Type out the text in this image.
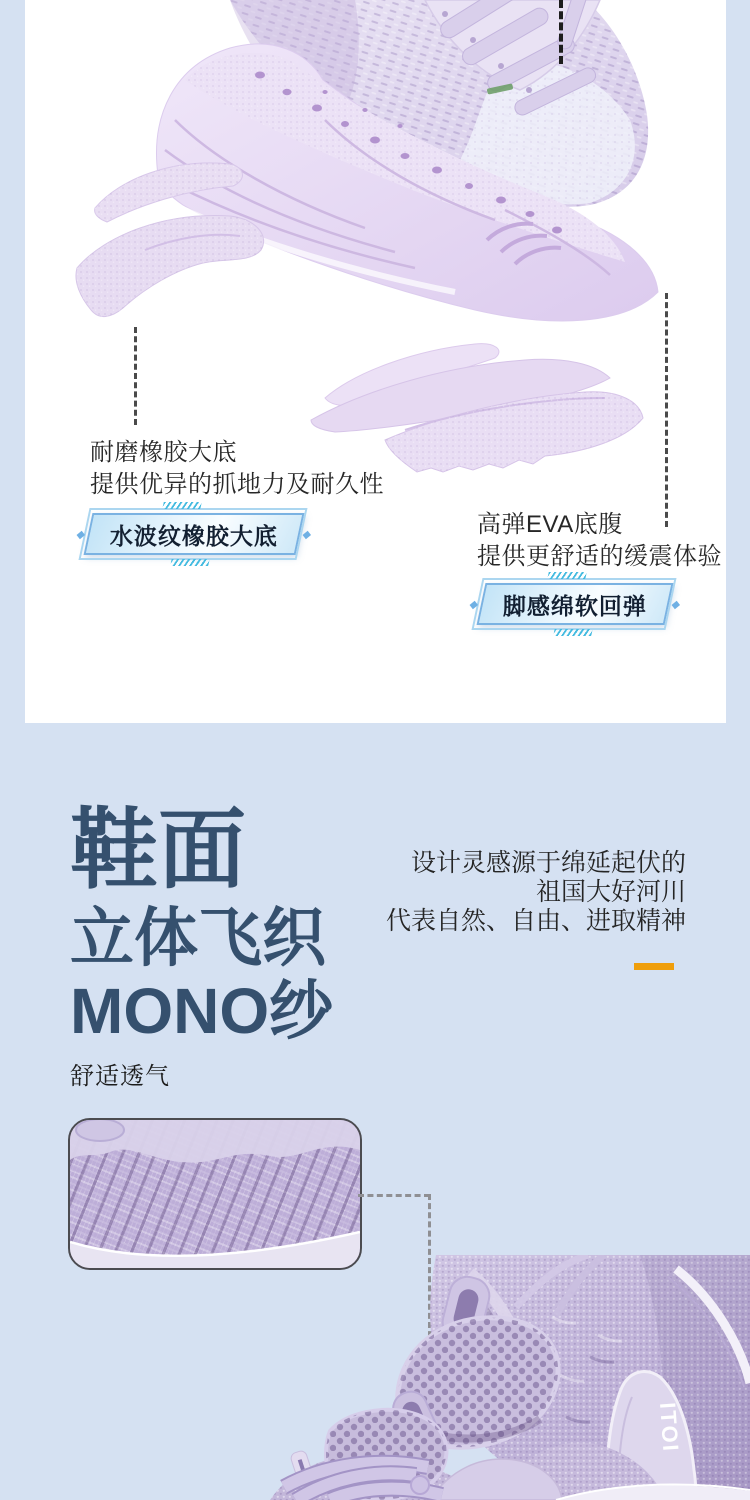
耐磨橡胶大底
提供优异的抓地力及耐久性
水波纹橡胶大底	高弹EVA底腹
提供更舒适的缓震体验
脚感绵软回弹
鞋面
立体飞织
MONO纱
舒适透气
设计灵感源于绵延起伏的
祖国大好河川
代表自然、自由、进取精神
ITOI
